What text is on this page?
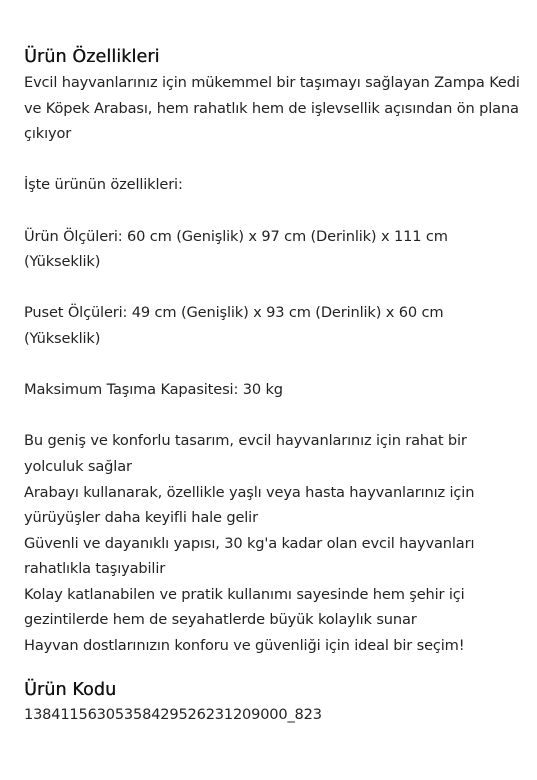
Ürün Özellikleri

Evcil hayvanlarınız için mükemmel bir taşımayı sağlayan Zampa Kedi ve Köpek Arabası, hem rahatlık hem de işlevsellik açısından ön plana çıkıyor

İşte ürünün özellikleri:

Ürün Ölçüleri: 60 cm (Genişlik) x 97 cm (Derinlik) x 111 cm (Yükseklik)

Puset Ölçüleri: 49 cm (Genişlik) x 93 cm (Derinlik) x 60 cm (Yükseklik)

Maksimum Taşıma Kapasitesi: 30 kg

Bu geniş ve konforlu tasarım, evcil hayvanlarınız için rahat bir yolculuk sağlar

Arabayı kullanarak, özellikle yaşlı veya hasta hayvanlarınız için yürüyüşler daha keyifli hale gelir

Güvenli ve dayanıklı yapısı, 30 kg'a kadar olan evcil hayvanları rahatlıkla taşıyabilir

Kolay katlanabilen ve pratik kullanımı sayesinde hem şehir içi gezintilerde hem de seyahatlerde büyük kolaylık sunar

Hayvan dostlarınızın konforu ve güvenliği için ideal bir seçim!

Ürün Kodu
1384115630535842952623120900​0_823
